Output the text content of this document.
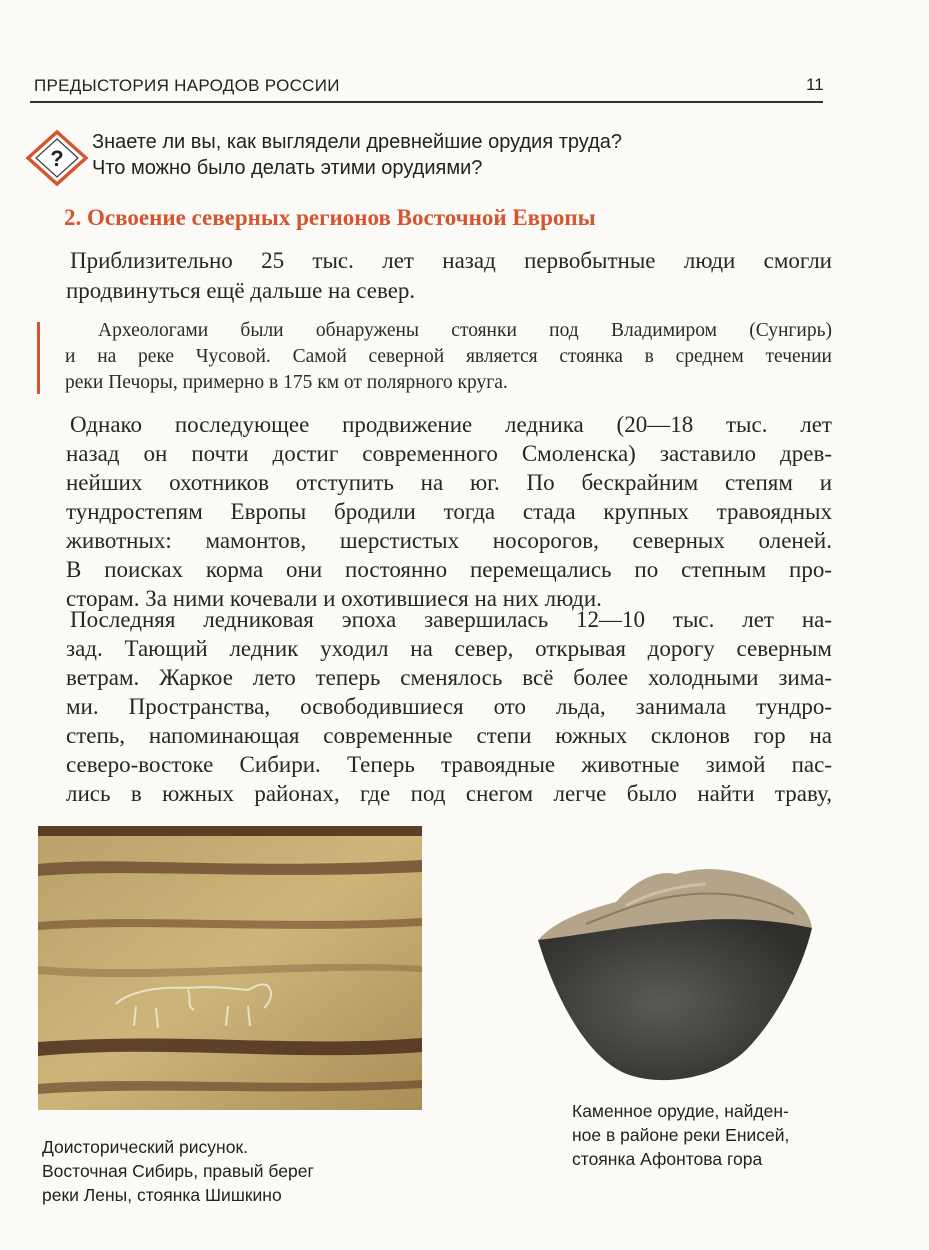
ПРЕДЫСТОРИЯ НАРОДОВ РОССИИ	11
?
Знаете ли вы, как выглядели древнейшие орудия труда?
Что можно было делать этими орудиями?
2. Освоение северных регионов Восточной Европы
Приблизительно 25 тыс. лет назад первобытные люди смогли
продвинуться ещё дальше на север.
Археологами были обнаружены стоянки под Владимиром (Сунгирь)
и на реке Чусовой. Самой северной является стоянка в среднем течении
реки Печоры, примерно в 175 км от полярного круга.
Однако последующее продвижение ледника (20—18 тыс. лет
назад он почти достиг современного Смоленска) заставило древ-
нейших охотников отступить на юг. По бескрайним степям и
тундростепям Европы бродили тогда стада крупных травоядных
животных: мамонтов, шерстистых носорогов, северных оленей.
В поисках корма они постоянно перемещались по степным про-
сторам. За ними кочевали и охотившиеся на них люди.
Последняя ледниковая эпоха завершилась 12—10 тыс. лет на-
зад. Тающий ледник уходил на север, открывая дорогу северным
ветрам. Жаркое лето теперь сменялось всё более холодными зима-
ми. Пространства, освободившиеся ото льда, занимала тундро-
степь, напоминающая современные степи южных склонов гор на
северо-востоке Сибири. Теперь травоядные животные зимой пас-
лись в южных районах, где под снегом легче было найти траву,
Доисторический рисунок.
Восточная Сибирь, правый берег
реки Лены, стоянка Шишкино
Каменное орудие, найден-
ное в районе реки Енисей,
стоянка Афонтова гора
